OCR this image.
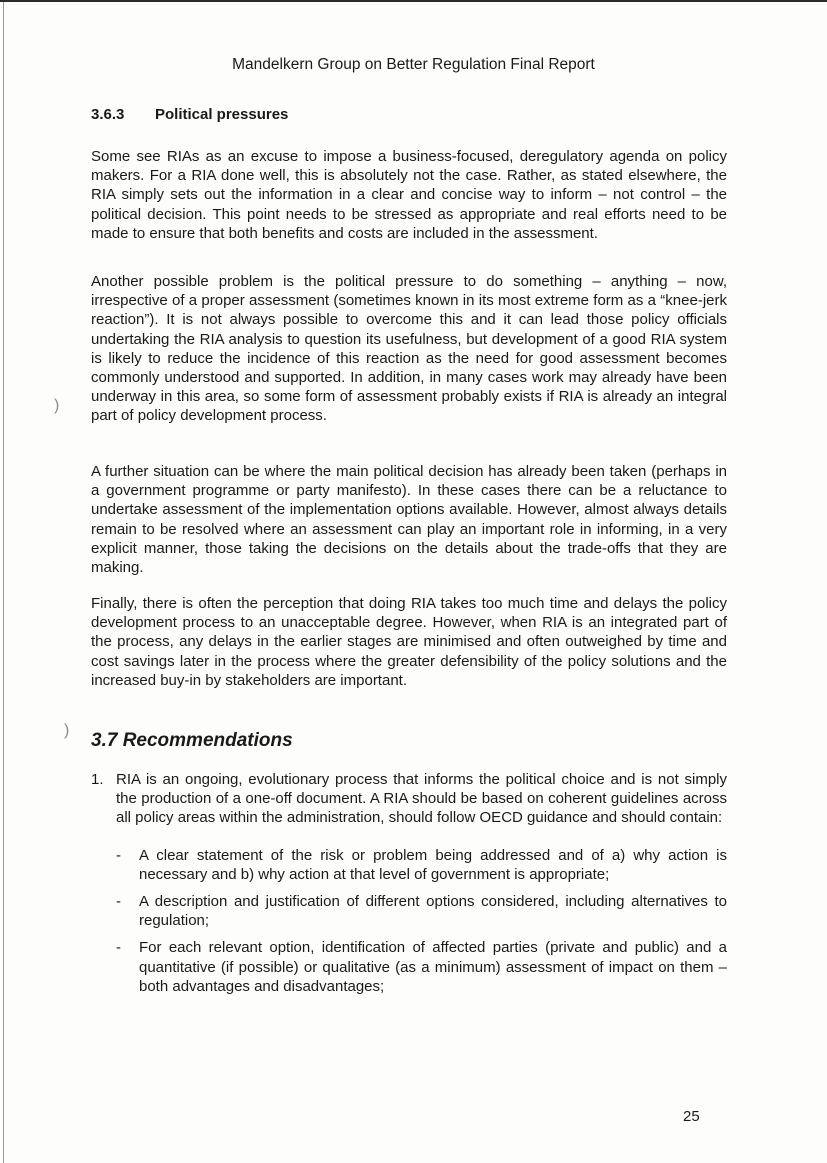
Mandelkern Group on Better Regulation Final Report
3.6.3 Political pressures

Some see RIAs as an excuse to impose a business-focused, deregulatory agenda on policy makers. For a RIA done well, this is absolutely not the case. Rather, as stated elsewhere, the RIA simply sets out the information in a clear and concise way to inform – not control – the political decision. This point needs to be stressed as appropriate and real efforts need to be made to ensure that both benefits and costs are included in the assessment.

Another possible problem is the political pressure to do something – anything – now, irrespective of a proper assessment (sometimes known in its most extreme form as a “knee-jerk reaction”). It is not always possible to overcome this and it can lead those policy officials undertaking the RIA analysis to question its usefulness, but development of a good RIA system is likely to reduce the incidence of this reaction as the need for good assessment becomes commonly understood and supported. In addition, in many cases work may already have been underway in this area, so some form of assessment probably exists if RIA is already an integral part of policy development process.

A further situation can be where the main political decision has already been taken (perhaps in a government programme or party manifesto). In these cases there can be a reluctance to undertake assessment of the implementation options available. However, almost always details remain to be resolved where an assessment can play an important role in informing, in a very explicit manner, those taking the decisions on the details about the trade-offs that they are making.

Finally, there is often the perception that doing RIA takes too much time and delays the policy development process to an unacceptable degree. However, when RIA is an integrated part of the process, any delays in the earlier stages are minimised and often outweighed by time and cost savings later in the process where the greater defensibility of the policy solutions and the increased buy-in by stakeholders are important.

)
) 3.7 Recommendations
1. RIA is an ongoing, evolutionary process that informs the political choice and is not simply the production of a one-off document. A RIA should be based on coherent guidelines across all policy areas within the administration, should follow OECD guidance and should contain:
- A clear statement of the risk or problem being addressed and of a) why action is necessary and b) why action at that level of government is appropriate;
- A description and justification of different options considered, including alternatives to regulation;
- For each relevant option, identification of affected parties (private and public) and a quantitative (if possible) or qualitative (as a minimum) assessment of impact on them – both advantages and disadvantages;
25
